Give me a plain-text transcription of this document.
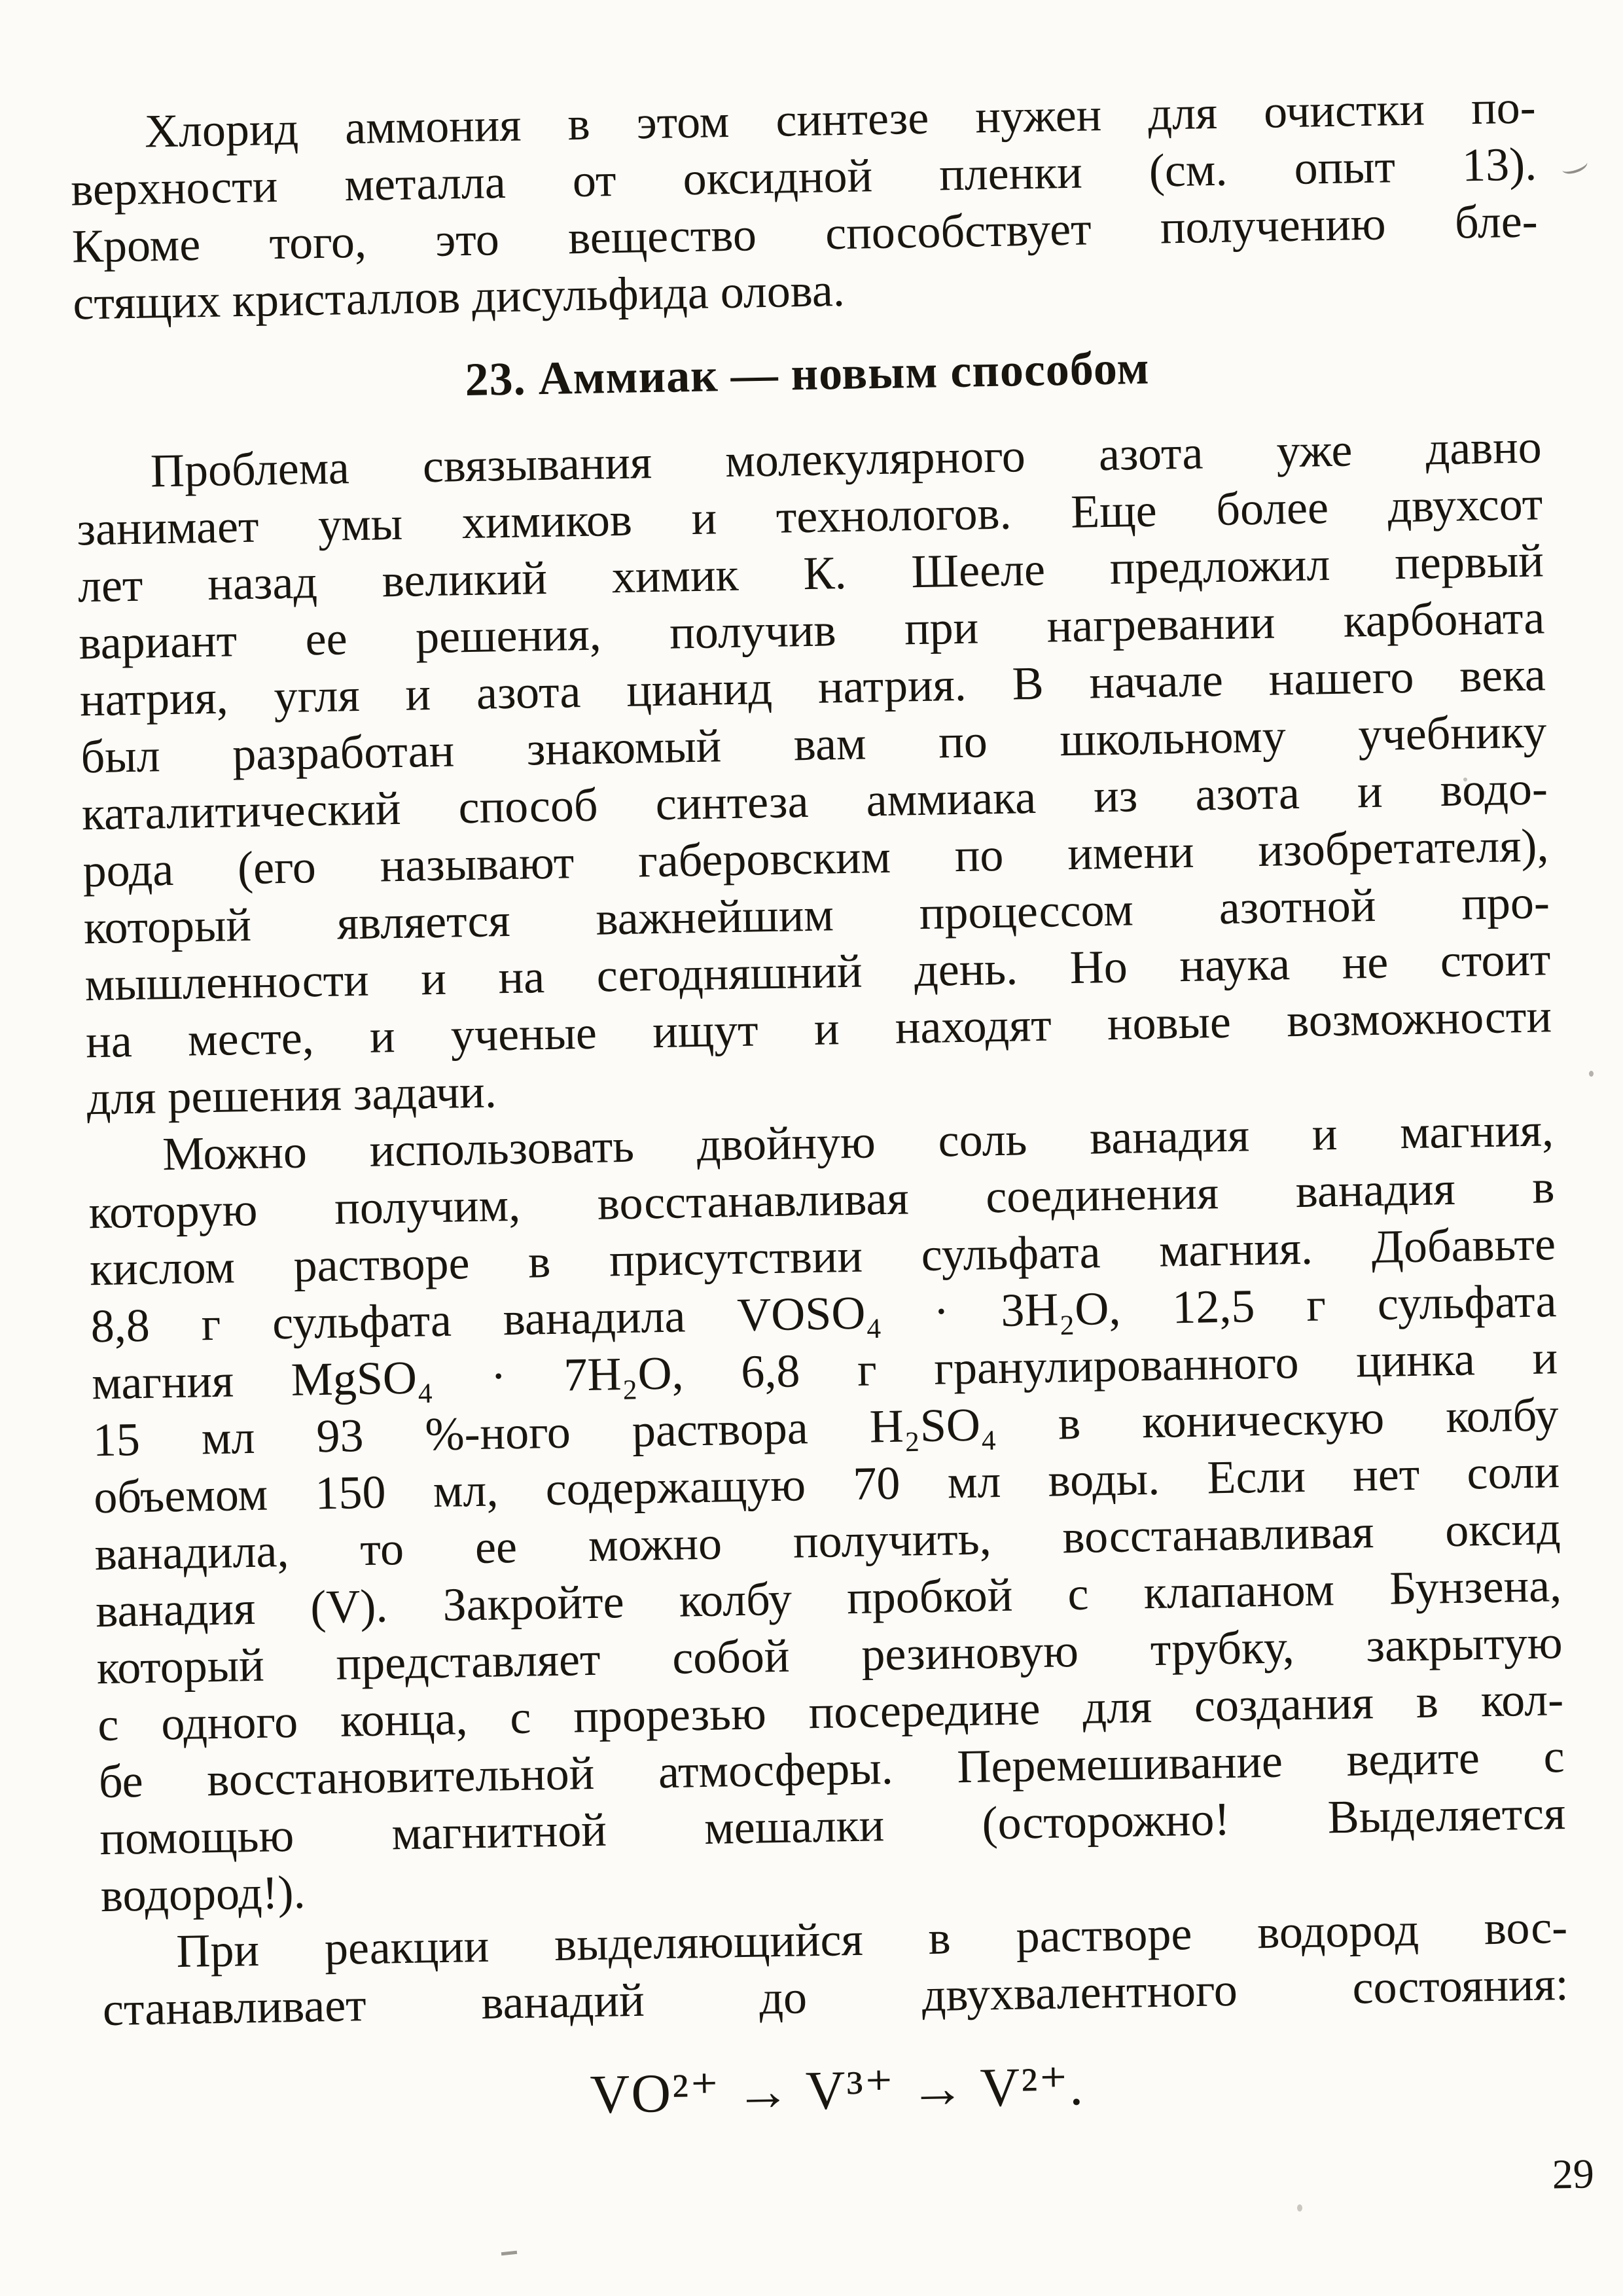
Хлорид аммония в этом синтезе нужен для очистки по-
верхности металла от оксидной пленки (см. опыт 13).
Кроме того, это вещество способствует получению бле-
стящих кристаллов дисульфида олова.
23. Аммиак — новым способом
Проблема связывания молекулярного азота уже давно
занимает умы химиков и технологов. Еще более двухсот
лет назад великий химик К. Шееле предложил первый
вариант ее решения, получив при нагревании карбоната
натрия, угля и азота цианид натрия. В начале нашего века
был разработан знакомый вам по школьному учебнику
каталитический способ синтеза аммиака из азота и водо-
рода (его называют габеровским по имени изобретателя),
который является важнейшим процессом азотной про-
мышленности и на сегодняшний день. Но наука не стоит
на месте, и ученые ищут и находят новые возможности
для решения задачи.
Можно использовать двойную соль ванадия и магния,
которую получим, восстанавливая соединения ванадия в
кислом растворе в присутствии сульфата магния. Добавьте
8,8 г сульфата ванадила VOSO₄ · 3H₂O, 12,5 г сульфата
магния MgSO₄ · 7H₂O, 6,8 г гранулированного цинка и
15 мл 93 %-ного раствора H₂SO₄ в коническую колбу
объемом 150 мл, содержащую 70 мл воды. Если нет соли
ванадила, то ее можно получить, восстанавливая оксид
ванадия (V). Закройте колбу пробкой с клапаном Бунзена,
который представляет собой резиновую трубку, закрытую
с одного конца, с прорезью посередине для создания в кол-
бе восстановительной атмосферы. Перемешивание ведите с
помощью магнитной мешалки (осторожно! Выделяется
водород!).
При реакции выделяющийся в растворе водород вос-
станавливает ванадий до двухвалентного состояния:
VO²⁺ → V³⁺ → V²⁺.
29
